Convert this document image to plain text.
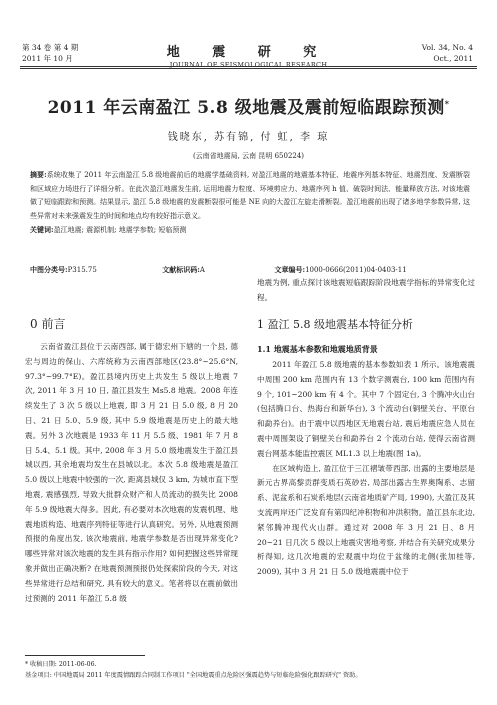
第 34 卷 第 4 期
2011 年 10 月	地 震 研 究
JOURNAL OF SEISMOLOGICAL RESEARCH
Vol. 34, No. 4
Oct., 2011
2011 年云南盈江 5.8 级地震及震前短临跟踪预测*
钱晓东, 苏有锦, 付 虹, 李 琼
(云南省地震局, 云南 昆明 650224)
摘要:系统收集了 2011 年云南盈江 5.8 级地震前后的地震学基础资料, 对盈江地震的地震基本特征、地震序列基本特征、地震烈度、发震断裂和区域应力场进行了详细分析。在此次盈江地震发生前, 运用地震力粒度、环境剪应力、地震序列 h 值、破裂时间法、能量释放方法, 对该地震做了短临跟踪和预测。结果显示, 盈江 5.8 级地震的发震断裂很可能是 NE 向的大盈江左旋走滑断裂。盈江地震前出现了诸多地学参数异常, 这些异常对未来强震发生的时间和地点均有较好指示意义。
关键词:盈江地震; 震源机制; 地震学参数; 短临预测
中图分类号:P315.75	文献标识码:A	文章编号:1000-0666(2011)04-0403-11
0 前言

云南省盈江县位于云南西部, 属于德宏州下辖的一个县, 德宏与周边的保山、六库统称为云南西部地区(23.8°~25.6°N, 97.3°~99.7°E)。盈江县境内历史上共发生 5 级以上地震 7 次, 2011 年 3 月 10 日, 盈江县发生 Ms5.8 地震。2008 年连续发生了 3 次 5 级以上地震, 即 3 月 21 日 5.0 级, 8 月 20 日、21 日 5.0、5.9 级, 其中 5.9 级地震是历史上的最大地震。另外 3 次地震是 1933 年 11 月 5.5 级、1981 年 7 月 8 日 5.4、5.1 级。其中, 2008 年 3 月 5.0 级地震发生于盈江县城以西, 其余地震均发生在县城以北。本次 5.8 级地震是盈江 5.0 级以上地震中较强的一次, 距离县城仅 3 km, 为城市直下型地震, 震感强烈, 导致大批群众财产和人员流动的损失比 2008 年 5.9 级地震大得多。因此, 有必要对本次地震的发震机理、地震地质构造、地震序列特征等进行认真研究。另外, 从地震预测预报的角度出发, 该次地震前, 地震学参数是否出现异常变化? 哪些异常对该次地震的发生具有指示作用? 如何把握这些异常现象并做出正确决断? 在地震预测预报仍处探索阶段的今天, 对这些异常进行总结和研究, 具有较大的意义。笔者将以在震前做出过预测的 2011 年盈江 5.8 级

地震为例, 重点探讨该地震短临跟踪阶段地震学指标的异常变化过程。

1 盈江 5.8 级地震基本特征分析
1.1 地震基本参数和地震地质背景

2011 年盈江 5.8 级地震的基本参数如表 1 所示。该地震震中周围 200 km 范围内有 13 个数字测震台, 100 km 范围内有 9 个, 101~200 km 有 4 个。其中 7 个固定台, 3 个腾冲火山台(包括腾口台、热海台和新华台), 3 个流动台(铜壁关台、平原台和勐养台)。由于震中以西地区无地震台站, 震后地震应急人员在震中周围架设了铜壁关台和勐养台 2 个流动台站, 使得云南省测震台网基本能监控震区 ML1.3 以上地震(图 1a)。

在区域构造上, 盈江位于三江褶皱带西部, 出露的主要地层是新元古界高黎贡群变质石英砂岩, 局部出露古生界奥陶系、志留系、泥盆系和石炭系地层(云南省地质矿产局, 1990), 大盈江及其支流两岸还广泛发育有第四纪冲积物和冲洪积物。盈江县东北边, 紧邻腾冲现代火山群。通过对 2008 年 3 月 21 日、8 月 20~21 日几次 5 级以上地震灾害地考察, 并结合有关研究成果分析得知, 这几次地震的宏观震中均位于盆缘的北侧(张加桂等, 2009), 其中 3 月 21 日 5.0 级地震震中位于

* 收稿日期: 2011-06-06.
基金项目: 中国地震局 2011 年度震情跟踪合同制工作项目 "全国地震重点危险区强震趋势与短临危险强化跟踪研究" 资助。
